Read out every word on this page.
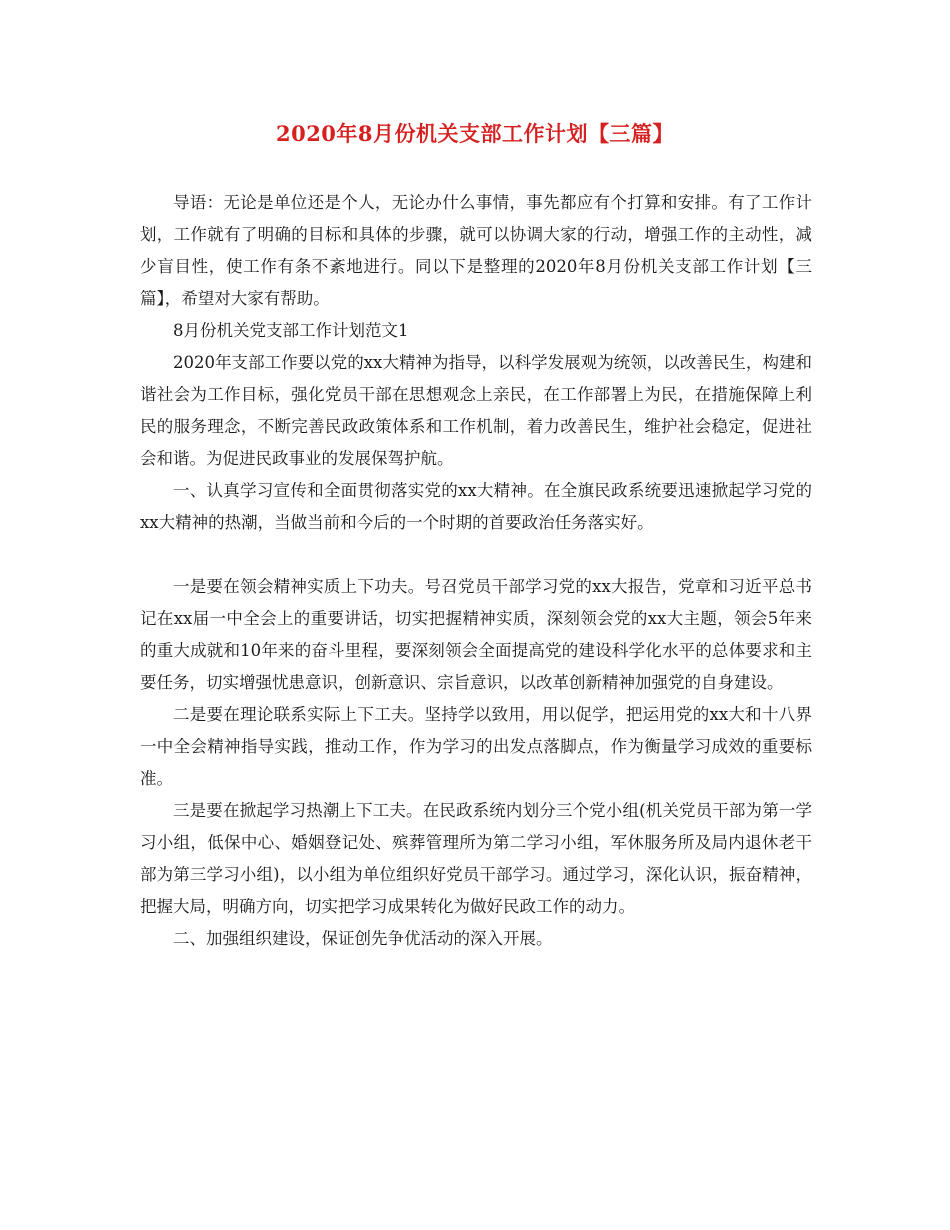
2020年8月份机关支部工作计划【三篇】

导语：无论是单位还是个人，无论办什么事情，事先都应有个打算和安排。有了工作计划，工作就有了明确的目标和具体的步骤，就可以协调大家的行动，增强工作的主动性，减少盲目性，使工作有条不紊地进行。同以下是整理的2020年8月份机关支部工作计划【三篇】，希望对大家有帮助。

8月份机关党支部工作计划范文1

2020年支部工作要以党的xx大精神为指导，以科学发展观为统领，以改善民生，构建和谐社会为工作目标，强化党员干部在思想观念上亲民，在工作部署上为民，在措施保障上利民的服务理念，不断完善民政政策体系和工作机制，着力改善民生，维护社会稳定，促进社会和谐。为促进民政事业的发展保驾护航。

一、认真学习宣传和全面贯彻落实党的xx大精神。在全旗民政系统要迅速掀起学习党的xx大精神的热潮，当做当前和今后的一个时期的首要政治任务落实好。

一是要在领会精神实质上下功夫。号召党员干部学习党的xx大报告，党章和习近平总书记在xx届一中全会上的重要讲话，切实把握精神实质，深刻领会党的xx大主题，领会5年来的重大成就和10年来的奋斗里程，要深刻领会全面提高党的建设科学化水平的总体要求和主要任务，切实增强忧患意识，创新意识、宗旨意识，以改革创新精神加强党的自身建设。

二是要在理论联系实际上下工夫。坚持学以致用，用以促学，把运用党的xx大和十八界一中全会精神指导实践，推动工作，作为学习的出发点落脚点，作为衡量学习成效的重要标准。

三是要在掀起学习热潮上下工夫。在民政系统内划分三个党小组(机关党员干部为第一学习小组，低保中心、婚姻登记处、殡葬管理所为第二学习小组，军休服务所及局内退休老干部为第三学习小组)，以小组为单位组织好党员干部学习。通过学习，深化认识，振奋精神，把握大局，明确方向，切实把学习成果转化为做好民政工作的动力。

二、加强组织建设，保证创先争优活动的深入开展。
